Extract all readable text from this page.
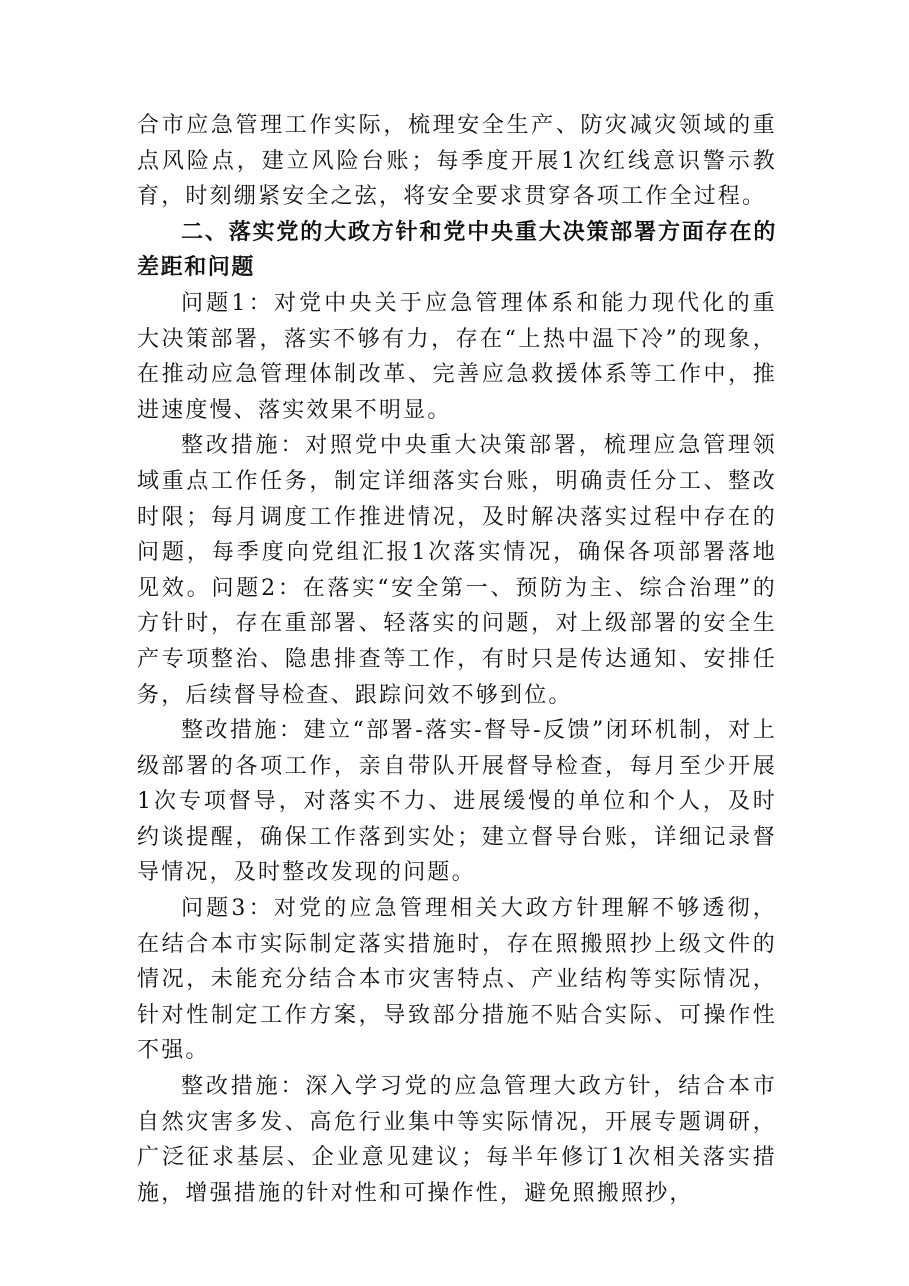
合市应急管理工作实际，梳理安全生产、防灾减灾领域的重点风险点，建立风险台账；每季度开展1次红线意识警示教育，时刻绷紧安全之弦，将安全要求贯穿各项工作全过程。

二、落实党的大政方针和党中央重大决策部署方面存在的差距和问题

问题1：对党中央关于应急管理体系和能力现代化的重大决策部署，落实不够有力，存在“上热中温下冷”的现象，在推动应急管理体制改革、完善应急救援体系等工作中，推进速度慢、落实效果不明显。

整改措施：对照党中央重大决策部署，梳理应急管理领域重点工作任务，制定详细落实台账，明确责任分工、整改时限；每月调度工作推进情况，及时解决落实过程中存在的问题，每季度向党组汇报1次落实情况，确保各项部署落地见效。问题2：在落实“安全第一、预防为主、综合治理”的方针时，存在重部署、轻落实的问题，对上级部署的安全生产专项整治、隐患排查等工作，有时只是传达通知、安排任务，后续督导检查、跟踪问效不够到位。

整改措施：建立“部署-落实-督导-反馈”闭环机制，对上级部署的各项工作，亲自带队开展督导检查，每月至少开展1次专项督导，对落实不力、进展缓慢的单位和个人，及时约谈提醒，确保工作落到实处；建立督导台账，详细记录督导情况，及时整改发现的问题。

问题3：对党的应急管理相关大政方针理解不够透彻，在结合本市实际制定落实措施时，存在照搬照抄上级文件的情况，未能充分结合本市灾害特点、产业结构等实际情况，针对性制定工作方案，导致部分措施不贴合实际、可操作性不强。

整改措施：深入学习党的应急管理大政方针，结合本市自然灾害多发、高危行业集中等实际情况，开展专题调研，广泛征求基层、企业意见建议；每半年修订1次相关落实措施，增强措施的针对性和可操作性，避免照搬照抄，
